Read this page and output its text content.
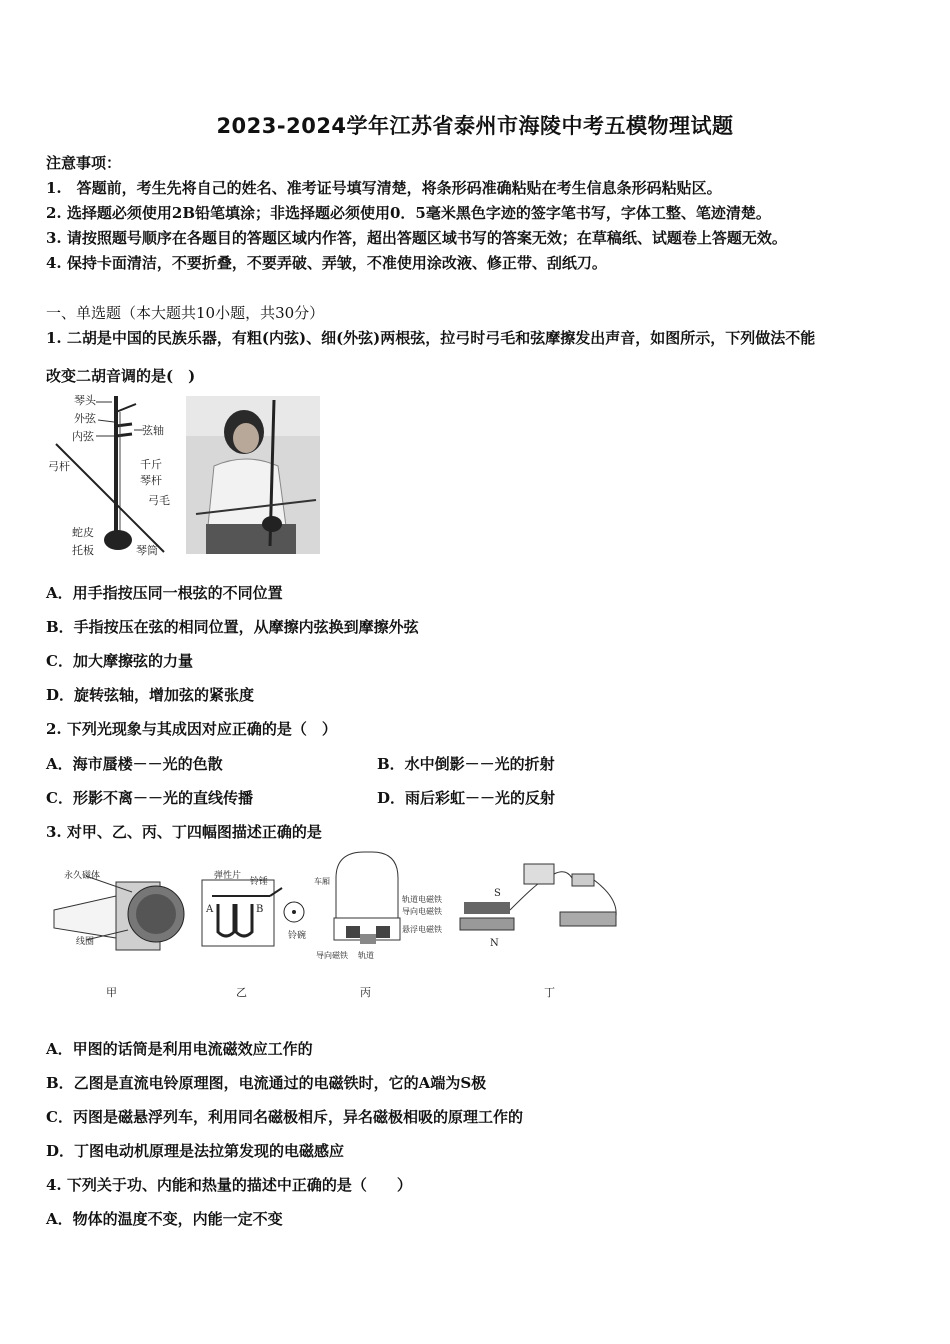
2023-2024学年江苏省泰州市海陵中考五模物理试题
注意事项：
1.　答题前，考生先将自己的姓名、准考证号填写清楚，将条形码准确粘贴在考生信息条形码粘贴区。
2. 选择题必须使用2B铅笔填涂；非选择题必须使用0．5毫米黑色字迹的签字笔书写，字体工整、笔迹清楚。
3. 请按照题号顺序在各题目的答题区域内作答，超出答题区域书写的答案无效；在草稿纸、试题卷上答题无效。
4. 保持卡面清洁，不要折叠，不要弄破、弄皱，不准使用涂改液、修正带、刮纸刀。
一、单选题（本大题共10小题，共30分）
1. 二胡是中国的民族乐器，有粗(内弦)、细(外弦)两根弦，拉弓时弓毛和弦摩擦发出声音，如图所示，下列做法不能
改变二胡音调的是(　)
琴头
外弦
内弦	弦轴
弓杆	千斤
琴杆
弓毛
蛇皮
托板	琴筒
A．用手指按压同一根弦的不同位置
B．手指按压在弦的相同位置，从摩擦内弦换到摩擦外弦
C．加大摩擦弦的力量
D．旋转弦轴，增加弦的紧张度
2. 下列光现象与其成因对应正确的是（　）
A．海市蜃楼－－光的色散	B．水中倒影－－光的折射
C．形影不离－－光的直线传播	D．雨后彩虹－－光的反射
3. 对甲、乙、丙、丁四幅图描述正确的是
永久磁体
线圈
甲
弹性片
铃锤
铃碗
A	B
乙
车厢
轨道电磁铁
导向电磁铁
悬浮电磁铁
导向磁铁 轨道
丙
S
N
丁
A．甲图的话筒是利用电流磁效应工作的
B．乙图是直流电铃原理图，电流通过的电磁铁时，它的A端为S极
C．丙图是磁悬浮列车，利用同名磁极相斥，异名磁极相吸的原理工作的
D．丁图电动机原理是法拉第发现的电磁感应
4. 下列关于功、内能和热量的描述中正确的是（　　）
A．物体的温度不变，内能一定不变
